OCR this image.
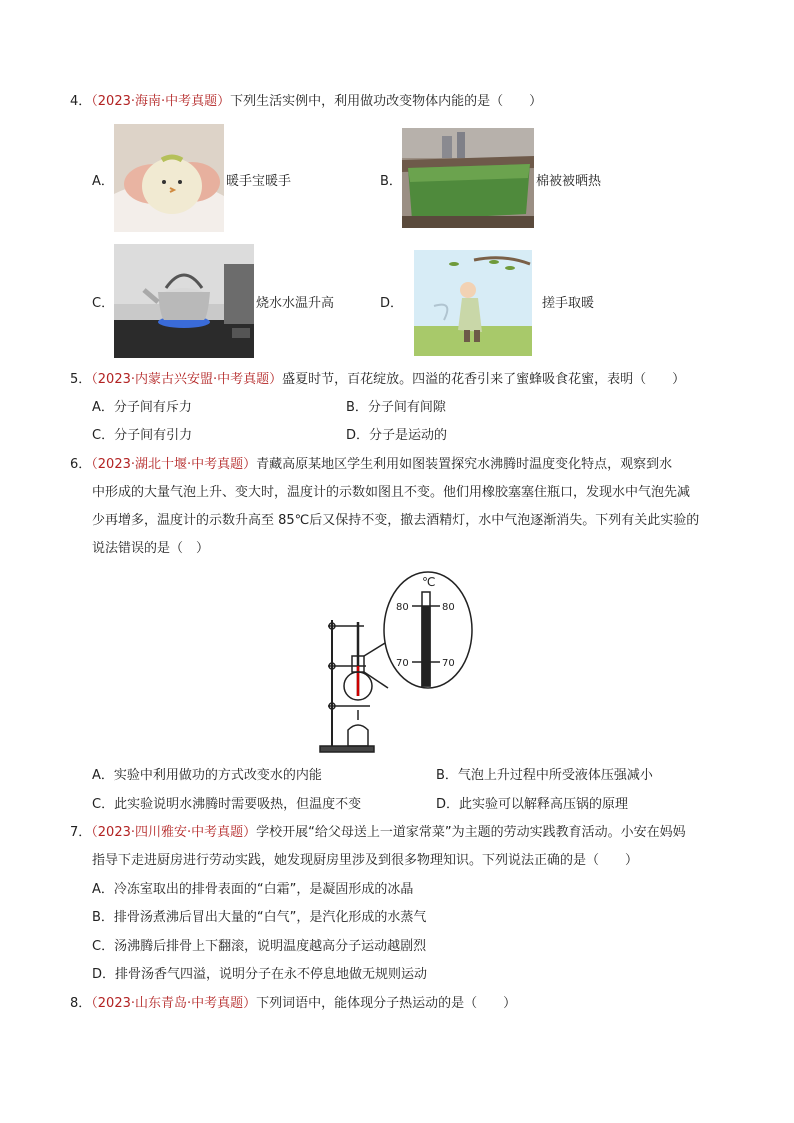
4．（2023·海南·中考真题）下列生活实例中，利用做功改变物体内能的是（　　）
A．	暖手宝暖手	B．	棉被被晒热
C．	烧水水温升高	D．	搓手取暖
5．（2023·内蒙古兴安盟·中考真题）盛夏时节，百花绽放。四溢的花香引来了蜜蜂吸食花蜜，表明（　　）
A．分子间有斥力	B．分子间有间隙
C．分子间有引力	D．分子是运动的
6．（2023·湖北十堰·中考真题）青藏高原某地区学生利用如图装置探究水沸腾时温度变化特点，观察到水
中形成的大量气泡上升、变大时，温度计的示数如图且不变。他们用橡胶塞塞住瓶口，发现水中气泡先减
少再增多，温度计的示数升高至 85℃后又保持不变，撤去酒精灯，水中气泡逐渐消失。下列有关此实验的
说法错误的是（　）
℃
80	80
70	70
A．实验中利用做功的方式改变水的内能	B．气泡上升过程中所受液体压强减小
C．此实验说明水沸腾时需要吸热，但温度不变	D．此实验可以解释高压锅的原理
7．（2023·四川雅安·中考真题）学校开展“给父母送上一道家常菜”为主题的劳动实践教育活动。小安在妈妈
指导下走进厨房进行劳动实践，她发现厨房里涉及到很多物理知识。下列说法正确的是（　　）
A．冷冻室取出的排骨表面的“白霜”，是凝固形成的冰晶
B．排骨汤煮沸后冒出大量的“白气”，是汽化形成的水蒸气
C．汤沸腾后排骨上下翻滚，说明温度越高分子运动越剧烈
D．排骨汤香气四溢，说明分子在永不停息地做无规则运动
8．（2023·山东青岛·中考真题）下列词语中，能体现分子热运动的是（　　）
